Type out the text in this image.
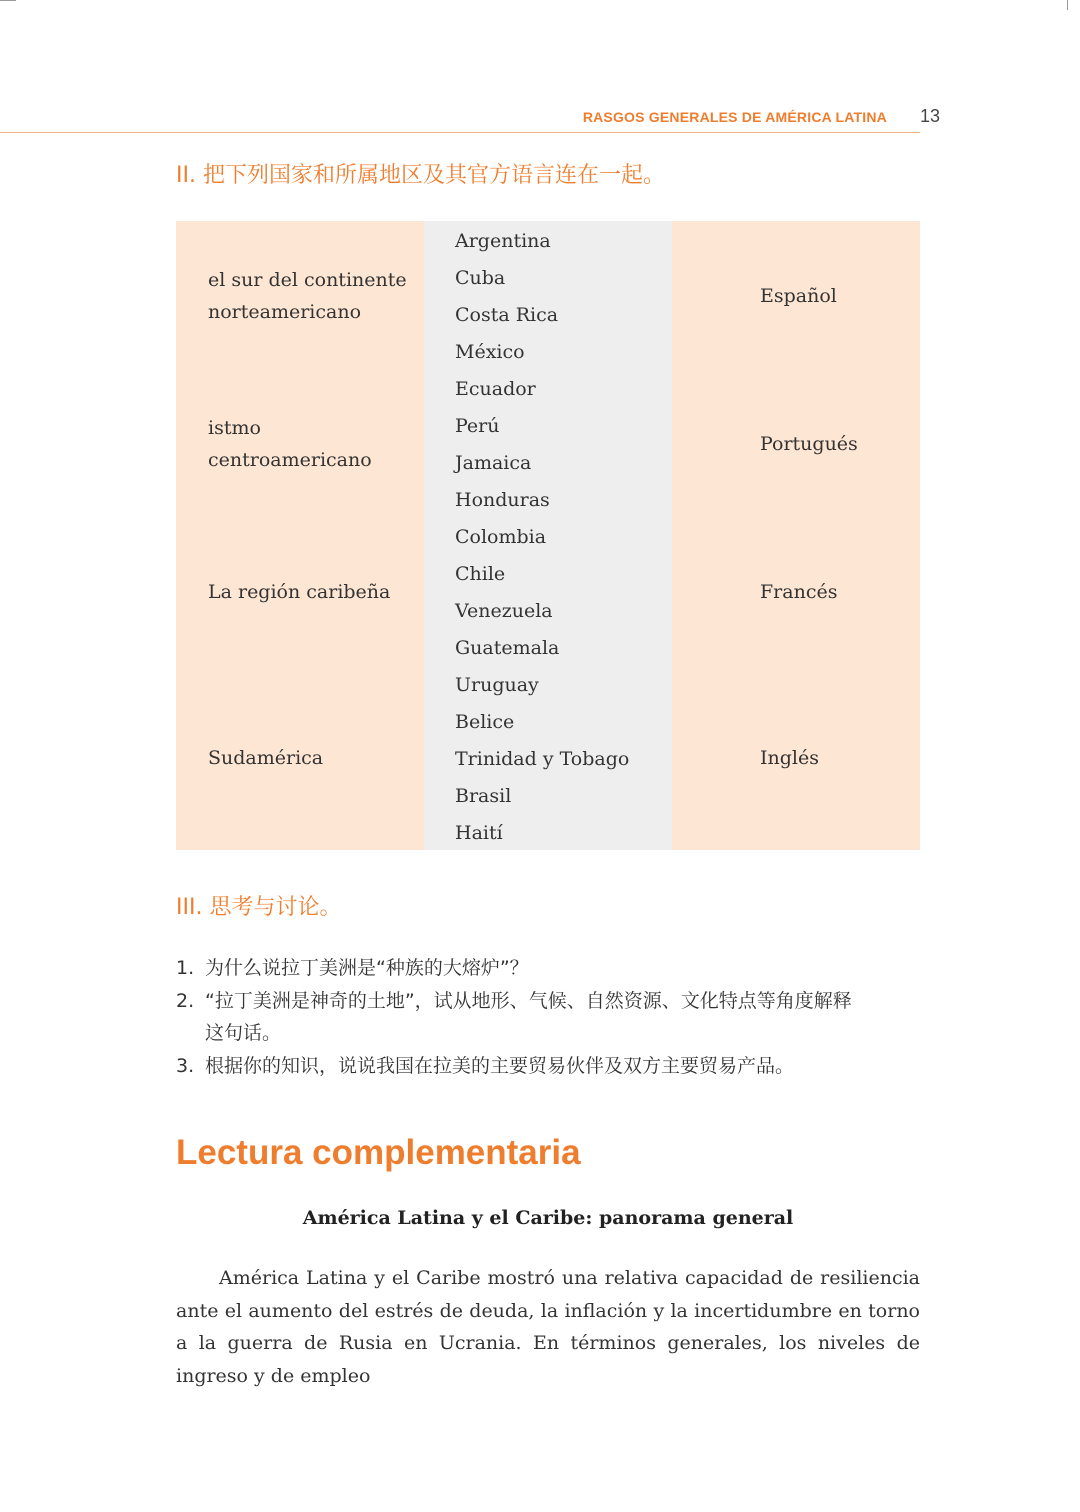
RASGOS GENERALES DE AMÉRICA LATINA 13
II. 把下列国家和所属地区及其官方语言连在一起。
el sur del continente
norteamericano
istmo
centroamericano
La región caribeña
Sudamérica
Argentina
Cuba
Costa Rica
México
Ecuador
Perú
Jamaica
Honduras
Colombia
Chile
Venezuela
Guatemala
Uruguay
Belice
Trinidad y Tobago
Brasil
Haití
Español
Portugués
Francés
Inglés
III. 思考与讨论。
1. 为什么说拉丁美洲是“种族的大熔炉”？
2. “拉丁美洲是神奇的土地”，试从地形、气候、自然资源、文化特点等角度解释
这句话。
3. 根据你的知识，说说我国在拉美的主要贸易伙伴及双方主要贸易产品。
Lectura complementaria
América Latina y el Caribe: panorama general

América Latina y el Caribe mostró una relativa capacidad de resiliencia ante el aumento del estrés de deuda, la inflación y la incertidumbre en torno a la guerra de Rusia en Ucrania. En términos generales, los niveles de ingreso y de empleo
